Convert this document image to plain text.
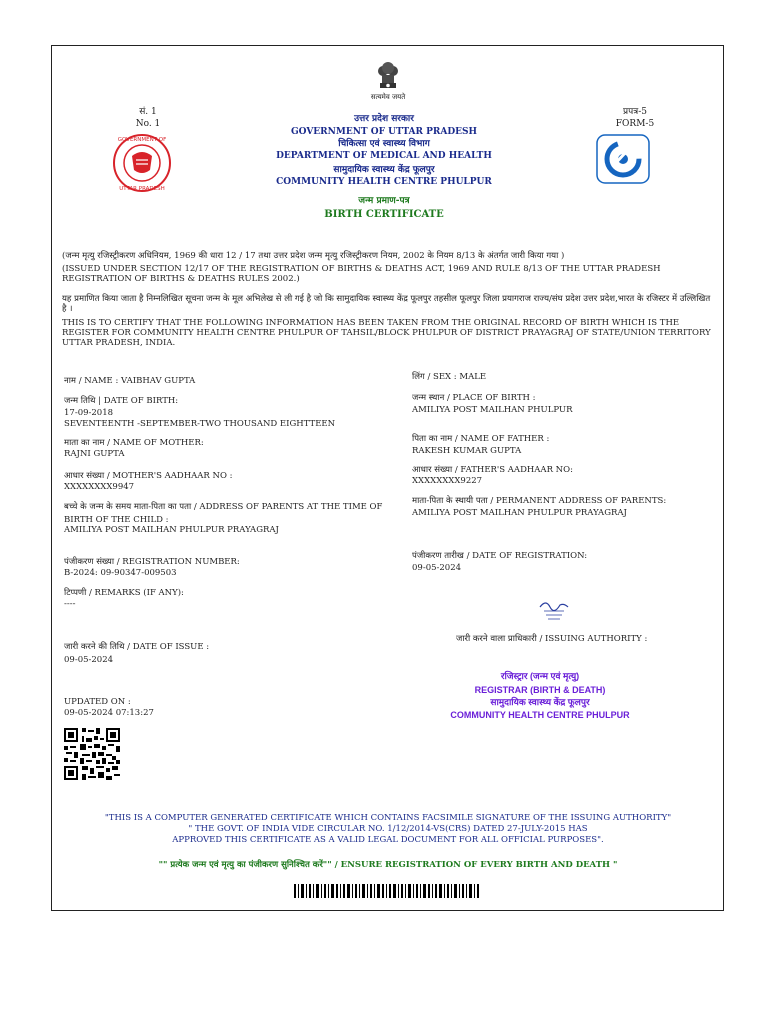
सत्यमेव जयते
सं. 1
No. 1
प्रपत्र-5
FORM-5
GOVERNMENT OF
UTTAR PRADESH
उत्तर प्रदेश सरकार
GOVERNMENT OF UTTAR PRADESH
चिकित्सा एवं स्वास्थ्य विभाग
DEPARTMENT OF MEDICAL AND HEALTH
सामुदायिक स्वास्थ्य केंद्र फूलपुर
COMMUNITY HEALTH CENTRE PHULPUR
जन्म प्रमाण-पत्र
BIRTH CERTIFICATE
(जन्म मृत्यु रजिस्ट्रीकरण अधिनियम, 1969 की धारा 12 / 17 तथा उत्तर प्रदेश जन्म मृत्यु रजिस्ट्रीकरण नियम, 2002 के नियम 8/13 के अंतर्गत जारी किया गया )
(ISSUED UNDER SECTION 12/17 OF THE REGISTRATION OF BIRTHS & DEATHS ACT, 1969 AND RULE 8/13 OF THE UTTAR PRADESH REGISTRATION OF BIRTHS & DEATHS RULES 2002.)
यह प्रमाणित किया जाता है निम्नलिखित सूचना जन्म के मूल अभिलेख से ली गई है जो कि सामुदायिक स्वास्थ्य केंद्र फूलपुर तहसील फूलपुर जिला प्रयागराज राज्य/संघ प्रदेश उत्तर प्रदेश,भारत के रजिस्टर में उल्लिखित है ।
THIS IS TO CERTIFY THAT THE FOLLOWING INFORMATION HAS BEEN TAKEN FROM THE ORIGINAL RECORD OF BIRTH WHICH IS THE REGISTER FOR COMMUNITY HEALTH CENTRE PHULPUR OF TAHSIL/BLOCK PHULPUR OF DISTRICT PRAYAGRAJ OF STATE/UNION TERRITORY UTTAR PRADESH, INDIA.
नाम / NAME : VAIBHAV GUPTA
जन्म तिथि | DATE OF BIRTH:
17-09-2018
SEVENTEENTH -SEPTEMBER-TWO THOUSAND EIGHTTEEN
माता का नाम / NAME OF MOTHER:
RAJNI GUPTA
आधार संख्या / MOTHER'S AADHAAR NO :
XXXXXXXX9947
बच्चे के जन्म के समय माता-पिता का पता / ADDRESS OF PARENTS AT THE TIME OF BIRTH OF THE CHILD :
AMILIYA POST MAILHAN PHULPUR PRAYAGRAJ
पंजीकरण संख्या / REGISTRATION NUMBER:
B-2024: 09-90347-009503
टिप्पणी / REMARKS (IF ANY):
----
जारी करने की तिथि / DATE OF ISSUE :
09-05-2024
UPDATED ON :
09-05-2024 07:13:27
लिंग / SEX : MALE
जन्म स्थान / PLACE OF BIRTH :
AMILIYA POST MAILHAN PHULPUR
पिता का नाम / NAME OF FATHER :
RAKESH KUMAR GUPTA
आधार संख्या / FATHER'S AADHAAR NO:
XXXXXXXX9227
माता-पिता के स्थायी पता / PERMANENT ADDRESS OF PARENTS:
AMILIYA POST MAILHAN PHULPUR PRAYAGRAJ
पंजीकरण तारीख / DATE OF REGISTRATION:
09-05-2024
जारी करने वाला प्राधिकारी / ISSUING AUTHORITY :
रजिस्ट्रार (जन्म एवं मृत्यु)
REGISTRAR (BIRTH & DEATH)
सामुदायिक स्वास्थ्य केंद्र फूलपुर
COMMUNITY HEALTH CENTRE PHULPUR
"THIS IS A COMPUTER GENERATED CERTIFICATE WHICH CONTAINS FACSIMILE SIGNATURE OF THE ISSUING AUTHORITY"
" THE GOVT. OF INDIA VIDE CIRCULAR NO. 1/12/2014-VS(CRS) DATED 27-JULY-2015 HAS
APPROVED THIS CERTIFICATE AS A VALID LEGAL DOCUMENT FOR ALL OFFICIAL PURPOSES".
"" प्रत्येक जन्म एवं मृत्यु का पंजीकरण सुनिश्चित करें"" / ENSURE REGISTRATION OF EVERY BIRTH AND DEATH "
